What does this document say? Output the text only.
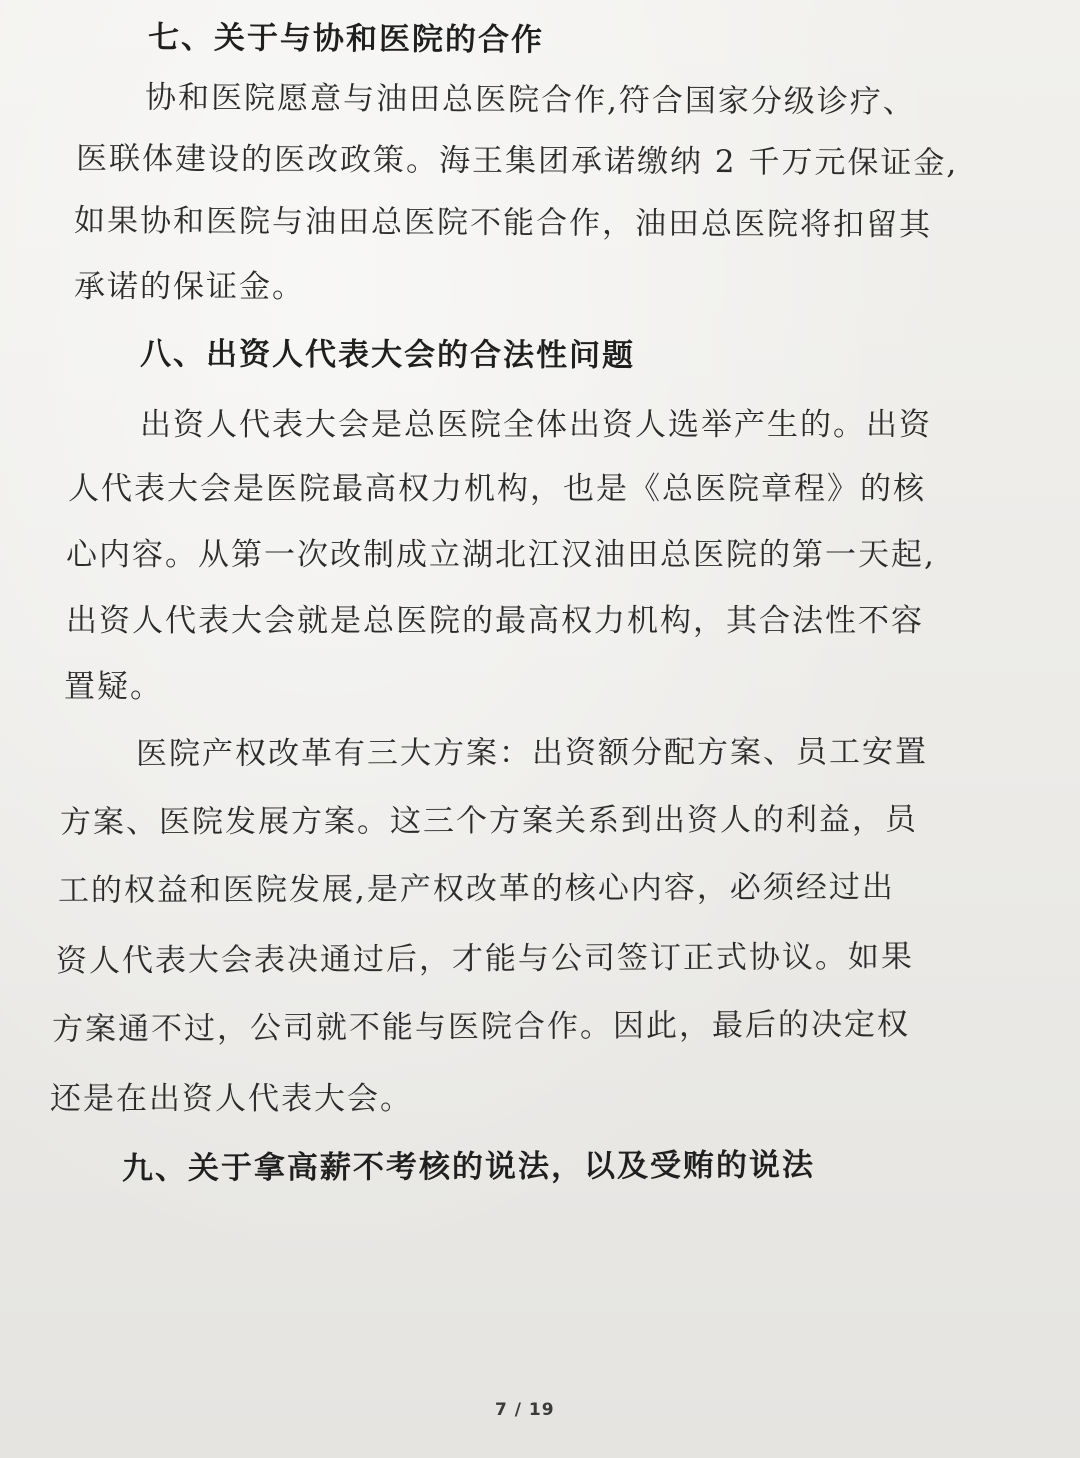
七、关于与协和医院的合作
协和医院愿意与油田总医院合作,符合国家分级诊疗、
医联体建设的医改政策。海王集团承诺缴纳 2 千万元保证金,
如果协和医院与油田总医院不能合作，油田总医院将扣留其
承诺的保证金。
八、出资人代表大会的合法性问题
出资人代表大会是总医院全体出资人选举产生的。出资
人代表大会是医院最高权力机构，也是《总医院章程》的核
心内容。从第一次改制成立湖北江汉油田总医院的第一天起,
出资人代表大会就是总医院的最高权力机构，其合法性不容
置疑。
医院产权改革有三大方案：出资额分配方案、员工安置
方案、医院发展方案。这三个方案关系到出资人的利益，员
工的权益和医院发展,是产权改革的核心内容，必须经过出
资人代表大会表决通过后，才能与公司签订正式协议。如果
方案通不过，公司就不能与医院合作。因此，最后的决定权
还是在出资人代表大会。
九、关于拿高薪不考核的说法，以及受贿的说法
7 / 19
